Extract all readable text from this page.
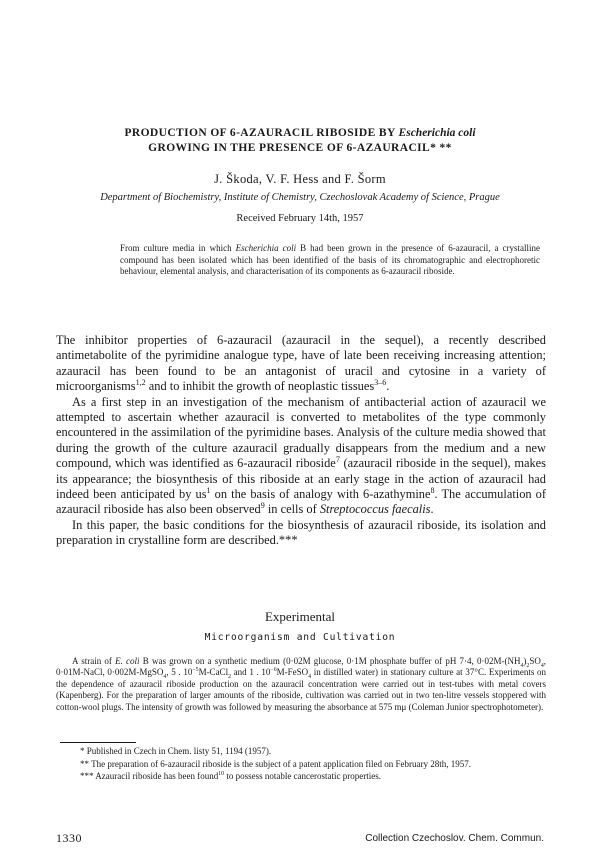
PRODUCTION OF 6-AZAURACIL RIBOSIDE BY Escherichia coli
GROWING IN THE PRESENCE OF 6-AZAURACIL* **
J. Škoda, V. F. Hess and F. Šorm
Department of Biochemistry, Institute of Chemistry, Czechoslovak Academy of Science, Prague
Received February 14th, 1957
From culture media in which Escherichia coli B had been grown in the presence of 6-azauracil, a crystalline compound has been isolated which has been identified of the basis of its chromatographic and electrophoretic behaviour, elemental analysis, and characterisation of its components as 6-azauracil riboside.

The inhibitor properties of 6-azauracil (azauracil in the sequel), a recently described antimetabolite of the pyrimidine analogue type, have of late been receiving increasing attention; azauracil has been found to be an antagonist of uracil and cytosine in a variety of microorganisms$^{1,2}$ and to inhibit the growth of neoplastic tissues$^{3-6}$.

As a first step in an investigation of the mechanism of antibacterial action of azauracil we attempted to ascertain whether azauracil is converted to metabolites of the type commonly encountered in the assimilation of the pyrimidine bases. Analysis of the culture media showed that during the growth of the culture azauracil gradually disappears from the medium and a new compound, which was identified as 6-azauracil riboside$^7$ (azauracil riboside in the sequel), makes its appearance; the biosynthesis of this riboside at an early stage in the action of azauracil had indeed been anticipated by $us^1$ on the basis of analogy with 6-azathymine$^8$. The accumulation of azauracil riboside has also been observed$^9$ in cells of Streptococcus faecalis.

In this paper, the basic conditions for the biosynthesis of azauracil riboside, its isolation and preparation in crystalline form are described.***

Experimental
Microorganism and Cultivation

A strain of E. coli B was grown on a synthetic medium (0·02M glucose, 0·1M phosphate buffer of pH 7·4, $0\cdot 02M-(NH_4)_2SO_4$, 0·01M-NaCl, 0·002M-MgSO$_4$, 5 . $10^{-5}M-CaCl_2$ and 1 . $10^{-6}M-FeSO_4$ in distilled water) in stationary culture at 37°C. Experiments on the dependence of azauracil riboside production on the azauracil concentration were carried out in test-tubes with metal covers (Kapenberg). For the preparation of larger amounts of the riboside, cultivation was carried out in two ten-litre vessels stoppered with cotton-wool plugs. The intensity of growth was followed by measuring the absorbance at 575 mμ (Coleman Junior spectrophotometer).

* Published in Czech in Chem. listy 51, 1194 (1957).

** The preparation of 6-azauracil riboside is the subject of a patent application filed on February 28th, 1957.

*** Azauracil riboside has been found$^{10}$ to possess notable cancerostatic properties.

1330	Collection Czechoslov. Chem. Commun.
